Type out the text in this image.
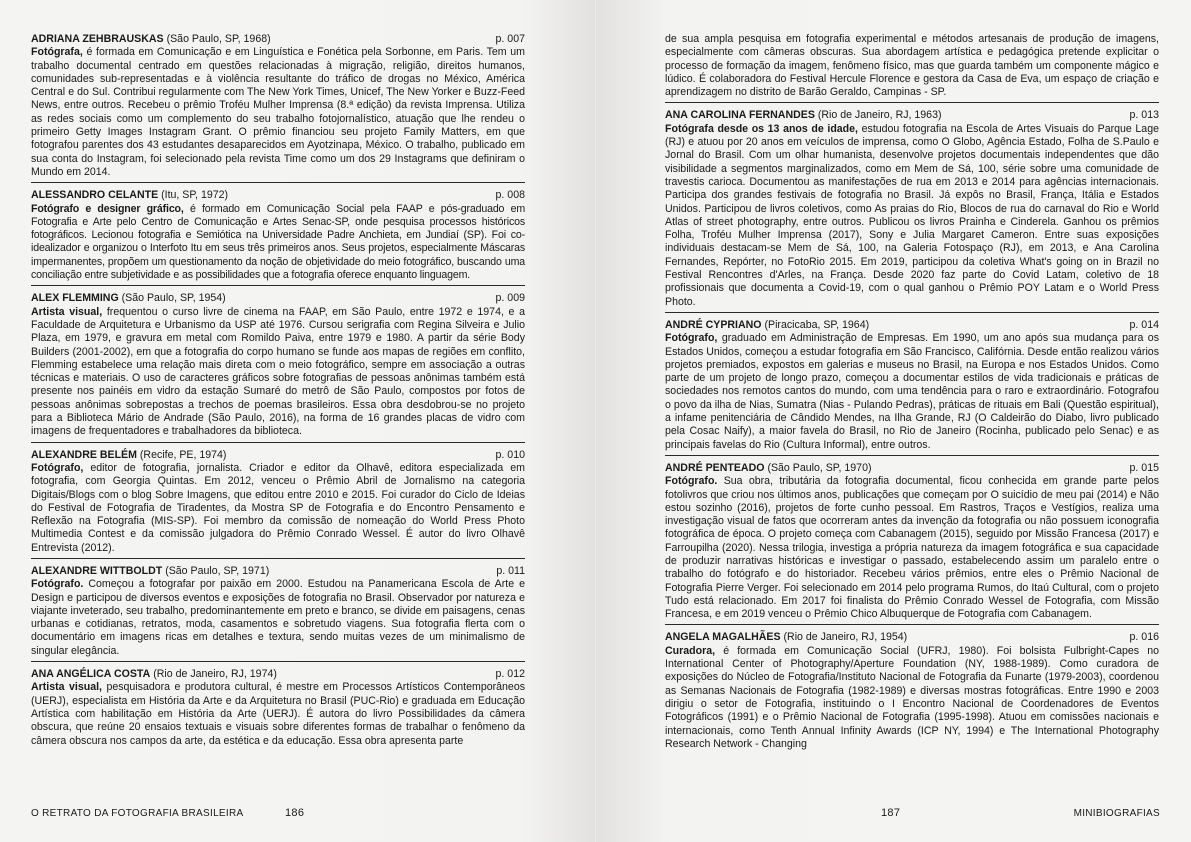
ADRIANA ZEHBRAUSKAS (São Paulo, SP, 1968)	p. 007
Fotógrafa, é formada em Comunicação e em Linguística e Fonética pela Sorbonne, em Paris. Tem um trabalho documental centrado em questões relacionadas à migração, religião, direitos humanos, comunidades sub-representadas e à violência resultante do tráfico de drogas no México, América Central e do Sul. Contribui regularmente com The New York Times, Unicef, The New Yorker e Buzz-Feed News, entre outros. Recebeu o prêmio Troféu Mulher Imprensa (8.ª edição) da revista Imprensa. Utiliza as redes sociais como um complemento do seu trabalho fotojornalístico, atuação que lhe rendeu o primeiro Getty Images Instagram Grant. O prêmio financiou seu projeto Family Matters, em que fotografou parentes dos 43 estudantes desaparecidos em Ayotzinapa, México. O trabalho, publicado em sua conta do Instagram, foi selecionado pela revista Time como um dos 29 Instagrams que definiram o Mundo em 2014.
ALESSANDRO CELANTE (Itu, SP, 1972)	p. 008
Fotógrafo e designer gráfico, é formado em Comunicação Social pela FAAP e pós-graduado em Fotografia e Arte pelo Centro de Comunicação e Artes Senac-SP, onde pesquisa processos históricos fotográficos. Lecionou fotografia e Semiótica na Universidade Padre Anchieta, em Jundiaí (SP). Foi co-idealizador e organizou o Interfoto Itu em seus três primeiros anos. Seus projetos, especialmente Máscaras impermanentes, propõem um questionamento da noção de objetividade do meio fotográfico, buscando uma conciliação entre subjetividade e as possibilidades que a fotografia oferece enquanto linguagem.
ALEX FLEMMING (São Paulo, SP, 1954)	p. 009
Artista visual, frequentou o curso livre de cinema na FAAP, em São Paulo, entre 1972 e 1974, e a Faculdade de Arquitetura e Urbanismo da USP até 1976. Cursou serigrafia com Regina Silveira e Julio Plaza, em 1979, e gravura em metal com Romildo Paiva, entre 1979 e 1980. A partir da série Body Builders (2001-2002), em que a fotografia do corpo humano se funde aos mapas de regiões em conflito, Flemming estabelece uma relação mais direta com o meio fotográfico, sempre em associação a outras técnicas e materiais. O uso de caracteres gráficos sobre fotografias de pessoas anônimas também está presente nos painéis em vidro da estação Sumaré do metrô de São Paulo, compostos por fotos de pessoas anônimas sobrepostas a trechos de poemas brasileiros. Essa obra desdobrou-se no projeto para a Biblioteca Mário de Andrade (São Paulo, 2016), na forma de 16 grandes placas de vidro com imagens de frequentadores e trabalhadores da biblioteca.
ALEXANDRE BELÉM (Recife, PE, 1974)	p. 010
Fotógrafo, editor de fotografia, jornalista. Criador e editor da Olhavê, editora especializada em fotografia, com Georgia Quintas. Em 2012, venceu o Prêmio Abril de Jornalismo na categoria Digitais/Blogs com o blog Sobre Imagens, que editou entre 2010 e 2015. Foi curador do Ciclo de Ideias do Festival de Fotografia de Tiradentes, da Mostra SP de Fotografia e do Encontro Pensamento e Reflexão na Fotografia (MIS-SP). Foi membro da comissão de nomeação do World Press Photo Multimedia Contest e da comissão julgadora do Prêmio Conrado Wessel. É autor do livro Olhavê Entrevista (2012).
ALEXANDRE WITTBOLDT (São Paulo, SP, 1971)	p. 011
Fotógrafo. Começou a fotografar por paixão em 2000. Estudou na Panamericana Escola de Arte e Design e participou de diversos eventos e exposições de fotografia no Brasil. Observador por natureza e viajante inveterado, seu trabalho, predominantemente em preto e branco, se divide em paisagens, cenas urbanas e cotidianas, retratos, moda, casamentos e sobretudo viagens. Sua fotografia flerta com o documentário em imagens ricas em detalhes e textura, sendo muitas vezes de um minimalismo de singular elegância.
ANA ANGÉLICA COSTA (Rio de Janeiro, RJ, 1974)	p. 012
Artista visual, pesquisadora e produtora cultural, é mestre em Processos Artísticos Contemporâneos (UERJ), especialista em História da Arte e da Arquitetura no Brasil (PUC-Rio) e graduada em Educação Artística com habilitação em História da Arte (UERJ). É autora do livro Possibilidades da câmera obscura, que reúne 20 ensaios textuais e visuais sobre diferentes formas de trabalhar o fenômeno da câmera obscura nos campos da arte, da estética e da educação. Essa obra apresenta parte
O RETRATO DA FOTOGRAFIA BRASILEIRA	186
de sua ampla pesquisa em fotografia experimental e métodos artesanais de produção de imagens, especialmente com câmeras obscuras. Sua abordagem artística e pedagógica pretende explicitar o processo de formação da imagem, fenômeno físico, mas que guarda também um componente mágico e lúdico. É colaboradora do Festival Hercule Florence e gestora da Casa de Eva, um espaço de criação e aprendizagem no distrito de Barão Geraldo, Campinas - SP.
ANA CAROLINA FERNANDES (Rio de Janeiro, RJ, 1963)	p. 013
Fotógrafa desde os 13 anos de idade, estudou fotografia na Escola de Artes Visuais do Parque Lage (RJ) e atuou por 20 anos em veículos de imprensa, como O Globo, Agência Estado, Folha de S.Paulo e Jornal do Brasil. Com um olhar humanista, desenvolve projetos documentais independentes que dão visibilidade a segmentos marginalizados, como em Mem de Sá, 100, série sobre uma comunidade de travestis carioca. Documentou as manifestações de rua em 2013 e 2014 para agências internacionais. Participa dos grandes festivais de fotografia no Brasil. Já expôs no Brasil, França, Itália e Estados Unidos. Participou de livros coletivos, como As praias do Rio, Blocos de rua do carnaval do Rio e World Atlas of street photography, entre outros. Publicou os livros Prainha e Cinderela. Ganhou os prêmios Folha, Troféu Mulher Imprensa (2017), Sony e Julia Margaret Cameron. Entre suas exposições individuais destacam-se Mem de Sá, 100, na Galeria Fotospaço (RJ), em 2013, e Ana Carolina Fernandes, Repórter, no FotoRio 2015. Em 2019, participou da coletiva What's going on in Brazil no Festival Rencontres d'Arles, na França. Desde 2020 faz parte do Covid Latam, coletivo de 18 profissionais que documenta a Covid-19, com o qual ganhou o Prêmio POY Latam e o World Press Photo.
ANDRÉ CYPRIANO (Piracicaba, SP, 1964)	p. 014
Fotógrafo, graduado em Administração de Empresas. Em 1990, um ano após sua mudança para os Estados Unidos, começou a estudar fotografia em São Francisco, Califórnia. Desde então realizou vários projetos premiados, expostos em galerias e museus no Brasil, na Europa e nos Estados Unidos. Como parte de um projeto de longo prazo, começou a documentar estilos de vida tradicionais e práticas de sociedades nos remotos cantos do mundo, com uma tendência para o raro e extraordinário. Fotografou o povo da ilha de Nias, Sumatra (Nias - Pulando Pedras), práticas de rituais em Bali (Questão espiritual), a infame penitenciária de Cândido Mendes, na Ilha Grande, RJ (O Caldeirão do Diabo, livro publicado pela Cosac Naify), a maior favela do Brasil, no Rio de Janeiro (Rocinha, publicado pelo Senac) e as principais favelas do Rio (Cultura Informal), entre outros.
ANDRÉ PENTEADO (São Paulo, SP, 1970)	p. 015
Fotógrafo. Sua obra, tributária da fotografia documental, ficou conhecida em grande parte pelos fotolivros que criou nos últimos anos, publicações que começam por O suicídio de meu pai (2014) e Não estou sozinho (2016), projetos de forte cunho pessoal. Em Rastros, Traços e Vestígios, realiza uma investigação visual de fatos que ocorreram antes da invenção da fotografia ou não possuem iconografia fotográfica de época. O projeto começa com Cabanagem (2015), seguido por Missão Francesa (2017) e Farroupilha (2020). Nessa trilogia, investiga a própria natureza da imagem fotográfica e sua capacidade de produzir narrativas históricas e investigar o passado, estabelecendo assim um paralelo entre o trabalho do fotógrafo e do historiador. Recebeu vários prêmios, entre eles o Prêmio Nacional de Fotografia Pierre Verger. Foi selecionado em 2014 pelo programa Rumos, do Itaú Cultural, com o projeto Tudo está relacionado. Em 2017 foi finalista do Prêmio Conrado Wessel de Fotografia, com Missão Francesa, e em 2019 venceu o Prêmio Chico Albuquerque de Fotografia com Cabanagem.
ANGELA MAGALHÃES (Rio de Janeiro, RJ, 1954)	p. 016
Curadora, é formada em Comunicação Social (UFRJ, 1980). Foi bolsista Fulbright-Capes no International Center of Photography/Aperture Foundation (NY, 1988-1989). Como curadora de exposições do Núcleo de Fotografia/Instituto Nacional de Fotografia da Funarte (1979-2003), coordenou as Semanas Nacionais de Fotografia (1982-1989) e diversas mostras fotográficas. Entre 1990 e 2003 dirigiu o setor de Fotografia, instituindo o I Encontro Nacional de Coordenadores de Eventos Fotográficos (1991) e o Prêmio Nacional de Fotografia (1995-1998). Atuou em comissões nacionais e internacionais, como Tenth Annual Infinity Awards (ICP NY, 1994) e The International Photography Research Network - Changing
187	MINIBIOGRAFIAS
